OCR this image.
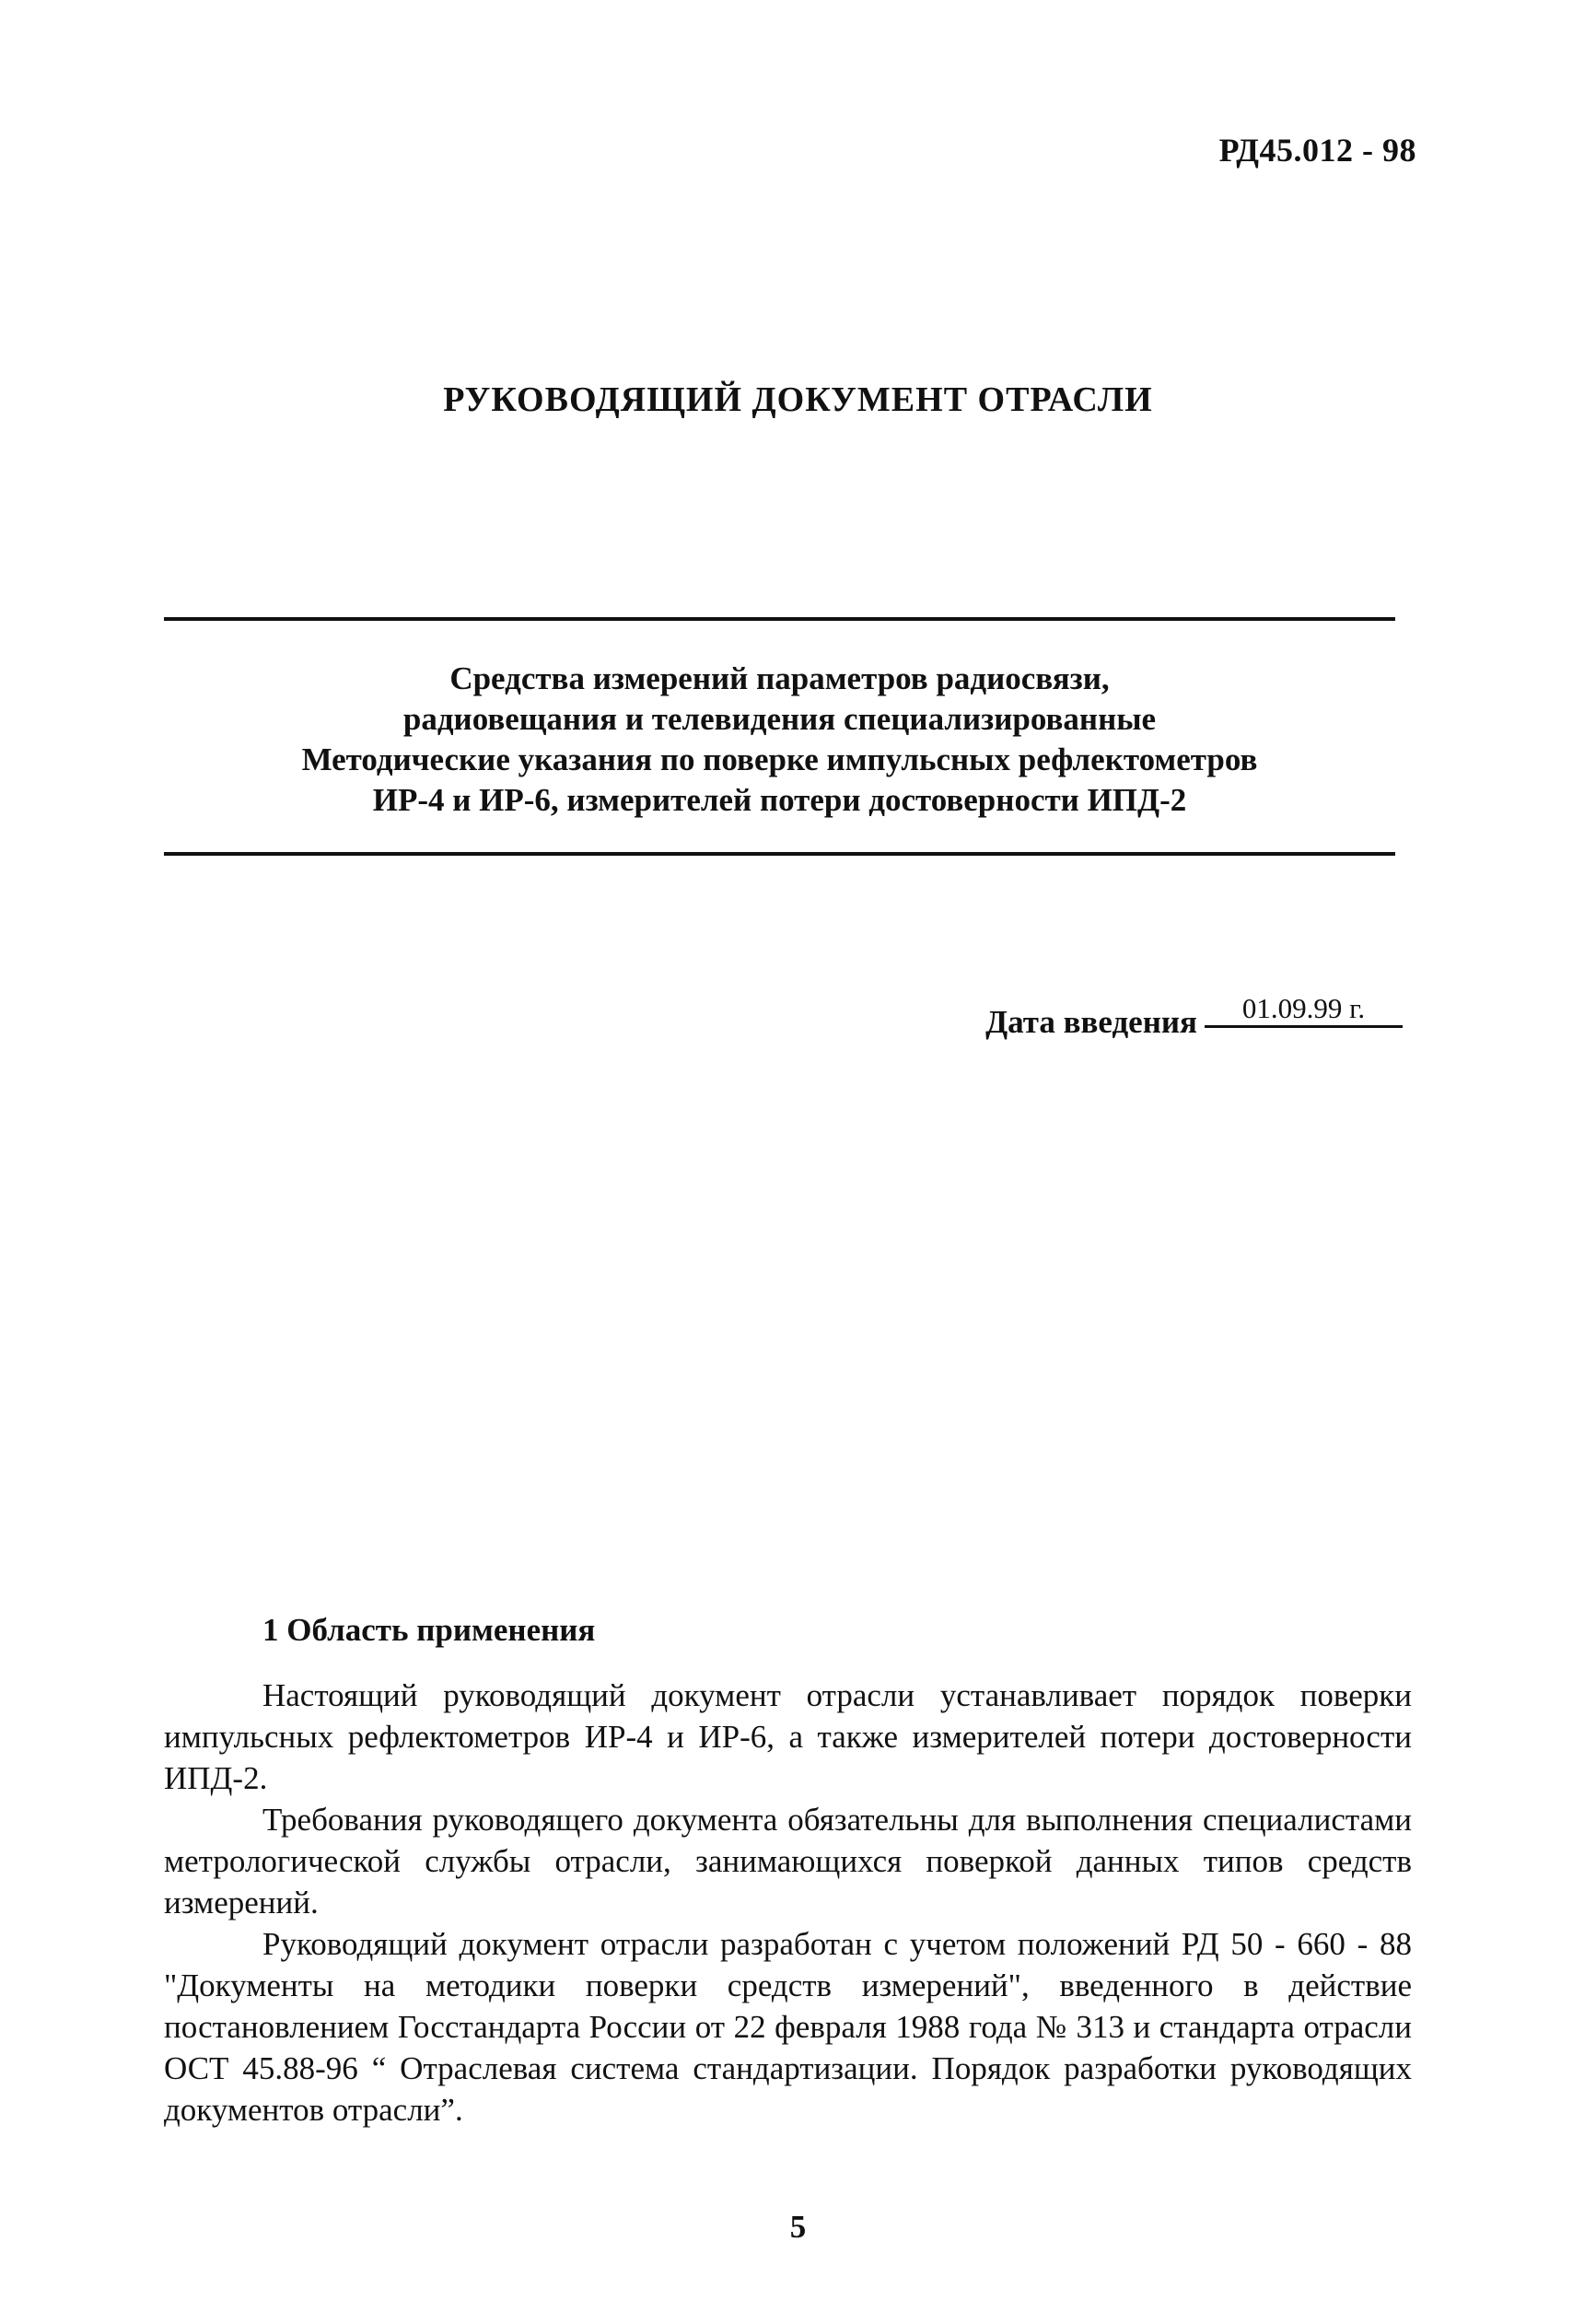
РД45.012 - 98
РУКОВОДЯЩИЙ ДОКУМЕНТ ОТРАСЛИ
Средства измерений параметров радиосвязи,
радиовещания и телевидения специализированные
Методические указания по поверке импульсных рефлектометров
ИР-4 и ИР-6, измерителей потери достоверности ИПД-2
Дата введения 01.09.99 г.
1 Область применения

Настоящий руководящий документ отрасли устанавливает порядок поверки импульсных рефлектометров ИР-4 и ИР-6, а также измерителей потери достоверности ИПД-2.

Требования руководящего документа обязательны для выполнения специалистами метрологической службы отрасли, занимающихся поверкой данных типов средств измерений.

Руководящий документ отрасли разработан с учетом положений РД 50 - 660 - 88 "Документы на методики поверки средств измерений", введенного в действие постановлением Госстандарта России от 22 февраля 1988 года № 313 и стандарта отрасли ОСТ 45.88-96 “ Отраслевая система стандартизации. Порядок разработки руководящих документов отрасли”.

5
